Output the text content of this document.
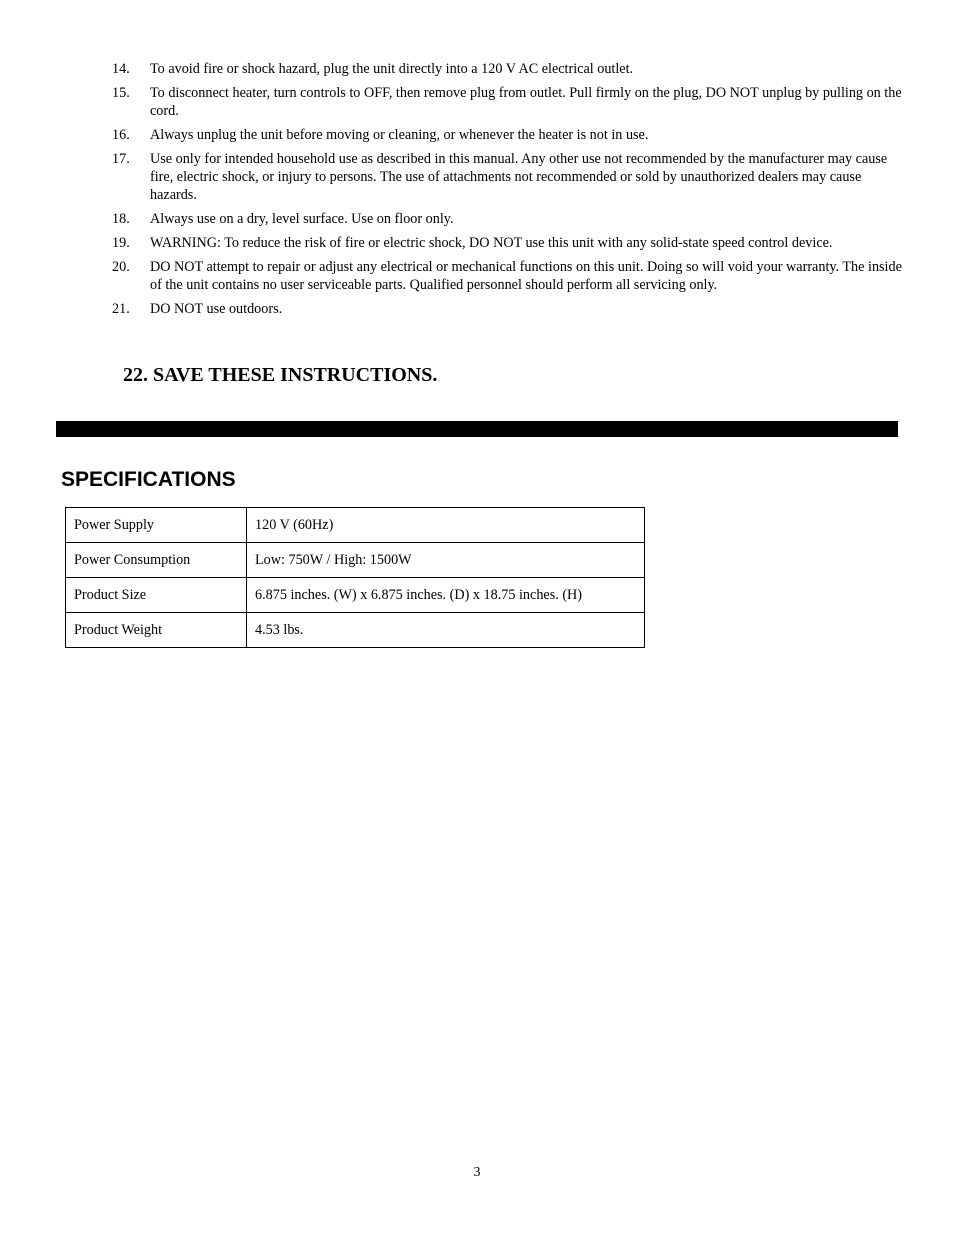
14.	To avoid fire or shock hazard, plug the unit directly into a 120 V AC electrical outlet.
15.	To disconnect heater, turn controls to OFF, then remove plug from outlet. Pull firmly on the plug, DO NOT unplug by pulling on the cord.
16.	Always unplug the unit before moving or cleaning, or whenever the heater is not in use.
17.	Use only for intended household use as described in this manual. Any other use not recommended by the manufacturer may cause fire, electric shock, or injury to persons. The use of attachments not recommended or sold by unauthorized dealers may cause hazards.
18.	Always use on a dry, level surface. Use on floor only.
19.	WARNING: To reduce the risk of fire or electric shock, DO NOT use this unit with any solid-state speed control device.
20.	DO NOT attempt to repair or adjust any electrical or mechanical functions on this unit. Doing so will void your warranty. The inside of the unit contains no user serviceable parts. Qualified personnel should perform all servicing only.
21.	DO NOT use outdoors.
22. SAVE THESE INSTRUCTIONS.
SPECIFICATIONS
Power Supply	120 V (60Hz)
Power Consumption	Low: 750W / High: 1500W
Product Size	6.875 inches. (W) x 6.875 inches. (D) x 18.75 inches. (H)
Product Weight	4.53 lbs.
3
